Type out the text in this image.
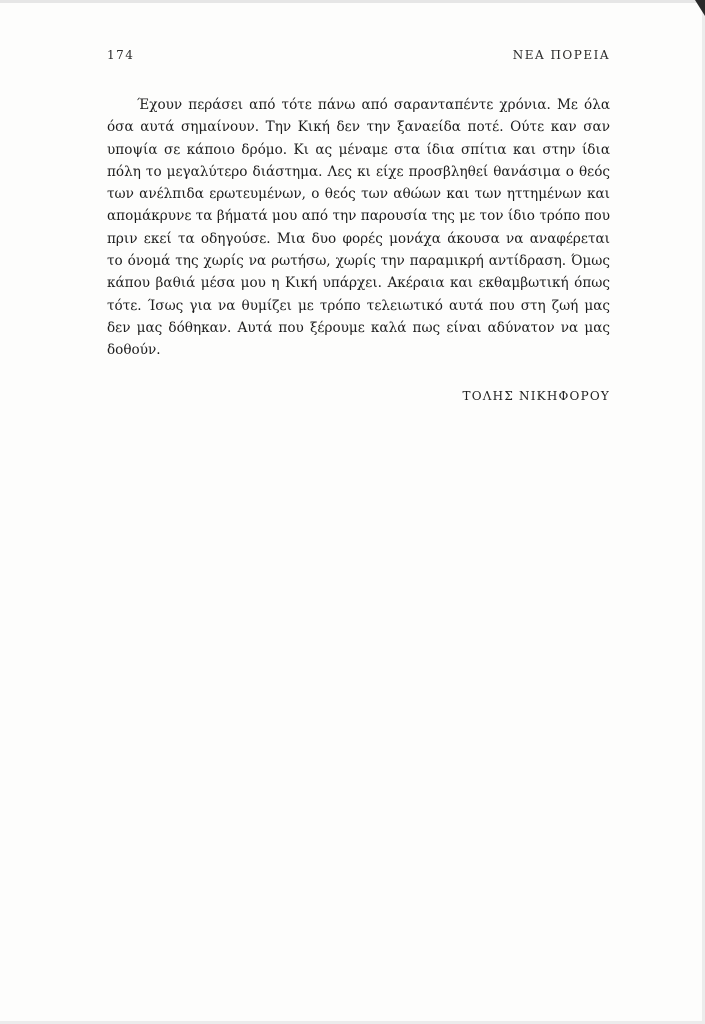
174	ΝΕΑ ΠΟΡΕΙΑ

Έχουν περάσει από τότε πάνω από σαρανταπέντε χρόνια. Με όλα όσα αυτά σημαίνουν. Την Κική δεν την ξαναείδα ποτέ. Ούτε καν σαν υποψία σε κάποιο δρόμο. Κι ας μέναμε στα ίδια σπίτια και στην ίδια πόλη το μεγαλύτερο διάστημα. Λες κι είχε προσβληθεί θανάσιμα ο θεός των ανέλπιδα ερωτευμένων, ο θεός των αθώων και των ηττημένων και απομάκρυνε τα βήματά μου από την παρουσία της με τον ίδιο τρόπο που πριν εκεί τα οδηγούσε. Μια δυο φορές μονάχα άκουσα να αναφέρεται το όνομά της χωρίς να ρωτήσω, χωρίς την παραμικρή αντίδραση. Όμως κάπου βαθιά μέσα μου η Κική υπάρχει. Ακέραια και εκθαμβωτική όπως τότε. Ίσως για να θυμίζει με τρόπο τελειωτικό αυτά που στη ζωή μας δεν μας δόθηκαν. Αυτά που ξέρουμε καλά πως είναι αδύνατον να μας δοθούν.

ΤΟΛΗΣ ΝΙΚΗΦΟΡΟΥ
